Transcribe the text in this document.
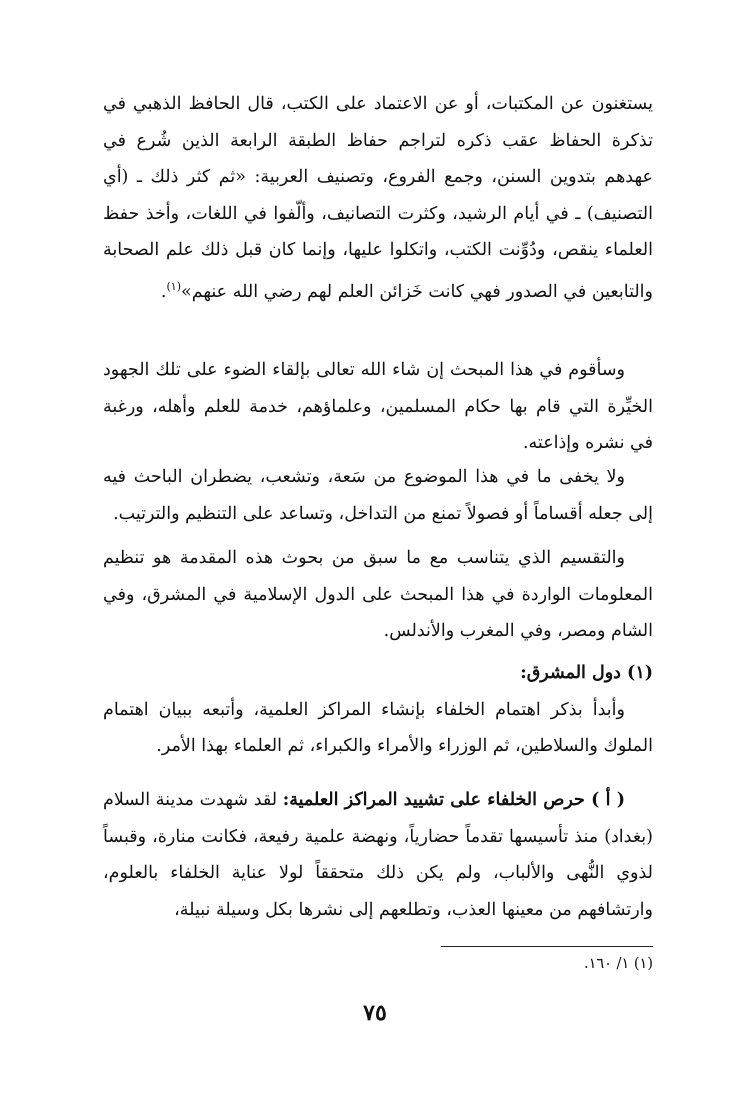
يستغنون عن المكتبات، أو عن الاعتماد على الكتب، قال الحافظ الذهبي في تذكرة الحفاظ عقب ذكره لتراجم حفاظ الطبقة الرابعة الذين شُرع في عهدهم بتدوين السنن، وجمع الفروع، وتصنيف العربية: «ثم كثر ذلك ـ (أي التصنيف) ـ في أيام الرشيد، وكثرت التصانيف، وألّفوا في اللغات، وأخذ حفظ العلماء ينقص، ودُوِّنت الكتب، واتكلوا عليها، وإنما كان قبل ذلك علم الصحابة والتابعين في الصدور فهي كانت خَزائن العلم لهم رضي الله عنهم»$^{(١)}$.
وسأقوم في هذا المبحث إن شاء الله تعالى بإلقاء الضوء على تلك الجهود الخيِّرة التي قام بها حكام المسلمين، وعلماؤهم، خدمة للعلم وأهله، ورغبة في نشره وإذاعته.
ولا يخفى ما في هذا الموضوع من سَعة، وتشعب، يضطران الباحث فيه إلى جعله أقساماً أو فصولاً تمنع من التداخل، وتساعد على التنظيم والترتيب.
والتقسيم الذي يتناسب مع ما سبق من بحوث هذه المقدمة هو تنظيم المعلومات الواردة في هذا المبحث على الدول الإسلامية في المشرق، وفي الشام ومصر، وفي المغرب والأندلس.
(١) دول المشرق:
وأبدأ بذكر اهتمام الخلفاء بإنشاء المراكز العلمية، وأتبعه ببيان اهتمام الملوك والسلاطين، ثم الوزراء والأمراء والكبراء، ثم العلماء بهذا الأمر.
( أ ) حرص الخلفاء على تشييد المراكز العلمية: لقد شهدت مدينة السلام (بغداد) منذ تأسيسها تقدماً حضارياً، ونهضة علمية رفيعة، فكانت منارة، وقبساً لذوي النُّهى والألباب، ولم يكن ذلك متحققاً لولا عناية الخلفاء بالعلوم، وارتشافهم من معينها العذب، وتطلعهم إلى نشرها بكل وسيلة نبيلة،
(١) ١/ ١٦٠.
٧٥
